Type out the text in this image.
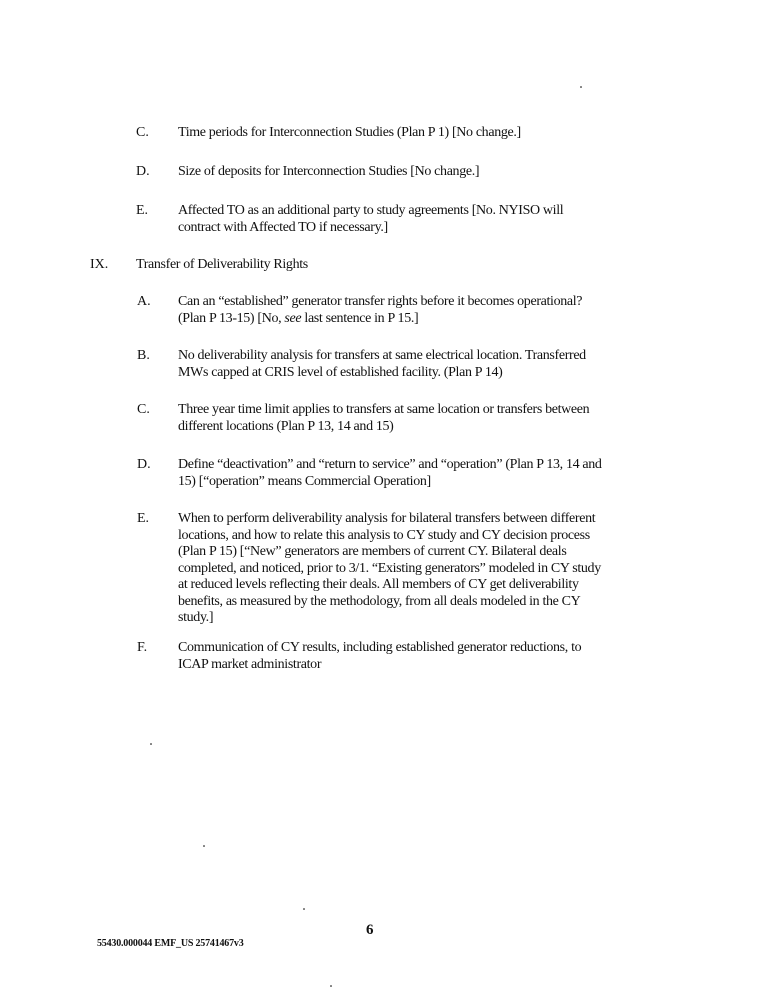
C. Time periods for Interconnection Studies (Plan P 1) [No change.]
D. Size of deposits for Interconnection Studies [No change.]
E. Affected TO as an additional party to study agreements [No. NYISO will
contract with Affected TO if necessary.]
IX. Transfer of Deliverability Rights
A. Can an “established” generator transfer rights before it becomes operational?
(Plan P 13-15) [No, see last sentence in P 15.]
B. No deliverability analysis for transfers at same electrical location. Transferred
MWs capped at CRIS level of established facility. (Plan P 14)
C. Three year time limit applies to transfers at same location or transfers between
different locations (Plan P 13, 14 and 15)
D. Define “deactivation” and “return to service” and “operation” (Plan P 13, 14 and
15) [“operation” means Commercial Operation]
E. When to perform deliverability analysis for bilateral transfers between different
locations, and how to relate this analysis to CY study and CY decision process
(Plan P 15) [“New” generators are members of current CY. Bilateral deals
completed, and noticed, prior to 3/1. “Existing generators” modeled in CY study
at reduced levels reflecting their deals. All members of CY get deliverability
benefits, as measured by the methodology, from all deals modeled in the CY
study.]
F. Communication of CY results, including established generator reductions, to
ICAP market administrator
6
55430.000044 EMF_US 25741467v3
